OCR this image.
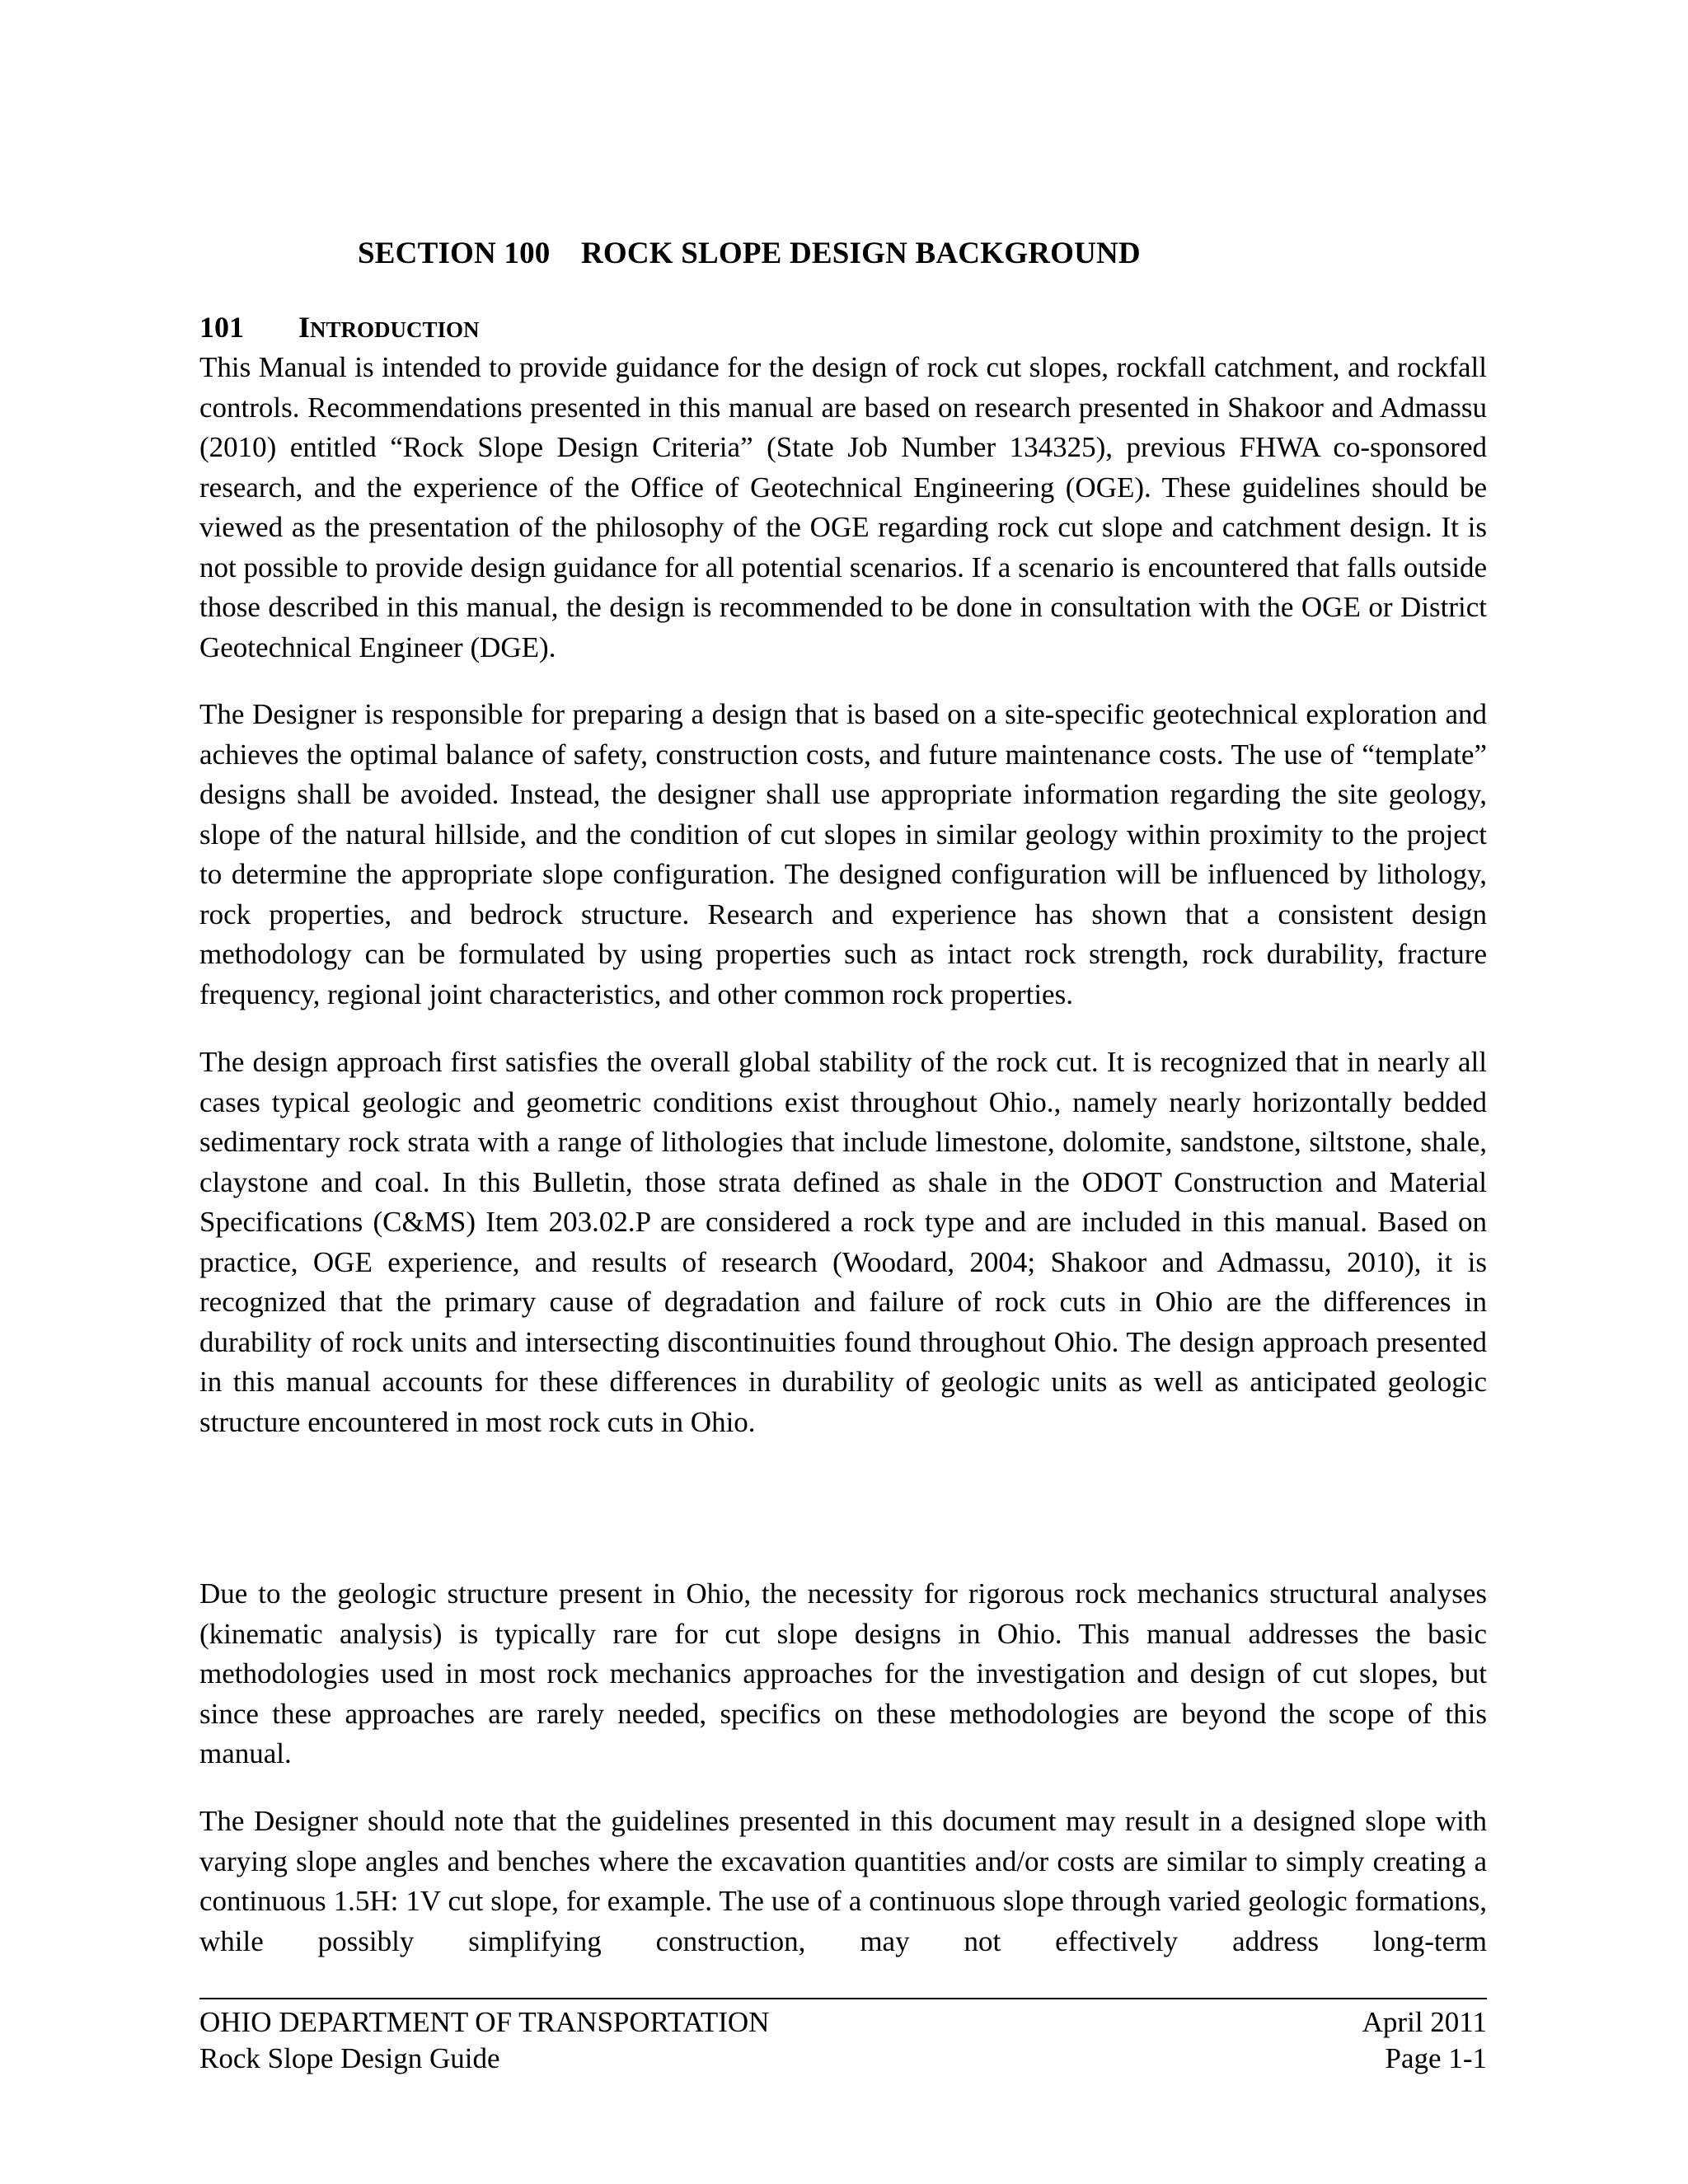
SECTION 100 ROCK SLOPE DESIGN BACKGROUND
101 INTRODUCTION

This Manual is intended to provide guidance for the design of rock cut slopes, rockfall catchment, and rockfall controls. Recommendations presented in this manual are based on research presented in Shakoor and Admassu (2010) entitled “Rock Slope Design Criteria” (State Job Number 134325), previous FHWA co-sponsored research, and the experience of the Office of Geotechnical Engineering (OGE). These guidelines should be viewed as the presentation of the philosophy of the OGE regarding rock cut slope and catchment design. It is not possible to provide design guidance for all potential scenarios. If a scenario is encountered that falls outside those described in this manual, the design is recommended to be done in consultation with the OGE or District Geotechnical Engineer (DGE).

The Designer is responsible for preparing a design that is based on a site-specific geotechnical exploration and achieves the optimal balance of safety, construction costs, and future maintenance costs. The use of “template” designs shall be avoided. Instead, the designer shall use appropriate information regarding the site geology, slope of the natural hillside, and the condition of cut slopes in similar geology within proximity to the project to determine the appropriate slope configuration. The designed configuration will be influenced by lithology, rock properties, and bedrock structure. Research and experience has shown that a consistent design methodology can be formulated by using properties such as intact rock strength, rock durability, fracture frequency, regional joint characteristics, and other common rock properties.

The design approach first satisfies the overall global stability of the rock cut. It is recognized that in nearly all cases typical geologic and geometric conditions exist throughout Ohio., namely nearly horizontally bedded sedimentary rock strata with a range of lithologies that include limestone, dolomite, sandstone, siltstone, shale, claystone and coal. In this Bulletin, those strata defined as shale in the ODOT Construction and Material Specifications (C&MS) Item 203.02.P are considered a rock type and are included in this manual. Based on practice, OGE experience, and results of research (Woodard, 2004; Shakoor and Admassu, 2010), it is recognized that the primary cause of degradation and failure of rock cuts in Ohio are the differences in durability of rock units and intersecting discontinuities found throughout Ohio. The design approach presented in this manual accounts for these differences in durability of geologic units as well as anticipated geologic structure encountered in most rock cuts in Ohio.

Due to the geologic structure present in Ohio, the necessity for rigorous rock mechanics structural analyses (kinematic analysis) is typically rare for cut slope designs in Ohio. This manual addresses the basic methodologies used in most rock mechanics approaches for the investigation and design of cut slopes, but since these approaches are rarely needed, specifics on these methodologies are beyond the scope of this manual.

The Designer should note that the guidelines presented in this document may result in a designed slope with varying slope angles and benches where the excavation quantities and/or costs are similar to simply creating a continuous 1.5H: 1V cut slope, for example. The use of a continuous slope through varied geologic formations, while possibly simplifying construction, may not effectively address long-term

OHIO DEPARTMENT OF TRANSPORTATION	April 2011
Rock Slope Design Guide	Page 1-1
